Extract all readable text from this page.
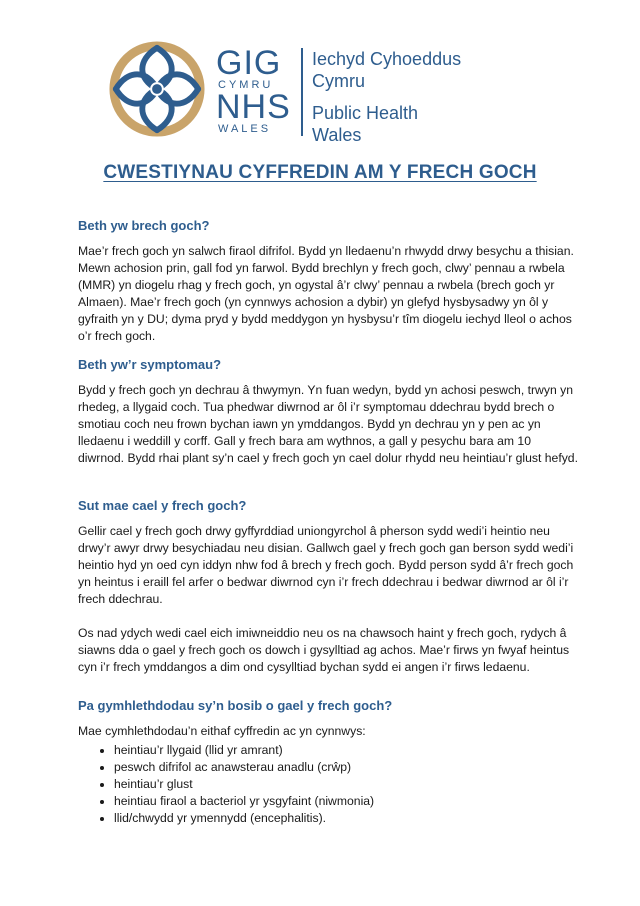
GIG
CYMRU
NHS
WALES
Iechyd Cyhoeddus
Cymru
Public Health
Wales
CWESTIYNAU CYFFREDIN AM Y FRECH GOCH
Beth yw brech goch?

Mae’r frech goch yn salwch firaol difrifol. Bydd yn lledaenu’n rhwydd drwy besychu a thisian. Mewn achosion prin, gall fod yn farwol. Bydd brechlyn y frech goch, clwy’ pennau a rwbela (MMR) yn diogelu rhag y frech goch, yn ogystal â’r clwy’ pennau a rwbela (brech goch yr Almaen). Mae’r frech goch (yn cynnwys achosion a dybir) yn glefyd hysbysadwy yn ôl y gyfraith yn y DU; dyma pryd y bydd meddygon yn hysbysu’r tîm diogelu iechyd lleol o achos o’r frech goch.

Beth yw’r symptomau?

Bydd y frech goch yn dechrau â thwymyn. Yn fuan wedyn, bydd yn achosi peswch, trwyn yn rhedeg, a llygaid coch. Tua phedwar diwrnod ar ôl i’r symptomau ddechrau bydd brech o smotiau coch neu frown bychan iawn yn ymddangos. Bydd yn dechrau yn y pen ac yn lledaenu i weddill y corff. Gall y frech bara am wythnos, a gall y pesychu bara am 10 diwrnod. Bydd rhai plant sy’n cael y frech goch yn cael dolur rhydd neu heintiau’r glust hefyd.

Sut mae cael y frech goch?

Gellir cael y frech goch drwy gyffyrddiad uniongyrchol â pherson sydd wedi’i heintio neu drwy’r awyr drwy besychiadau neu disian. Gallwch gael y frech goch gan berson sydd wedi’i heintio hyd yn oed cyn iddyn nhw fod â brech y frech goch. Bydd person sydd â’r frech goch yn heintus i eraill fel arfer o bedwar diwrnod cyn i’r frech ddechrau i bedwar diwrnod ar ôl i’r frech ddechrau.

Os nad ydych wedi cael eich imiwneiddio neu os na chawsoch haint y frech goch, rydych â siawns dda o gael y frech goch os dowch i gysylltiad ag achos. Mae’r firws yn fwyaf heintus cyn i’r frech ymddangos a dim ond cysylltiad bychan sydd ei angen i’r firws ledaenu.

Pa gymhlethdodau sy’n bosib o gael y frech goch?

Mae cymhlethdodau’n eithaf cyffredin ac yn cynnwys:

• heintiau’r llygaid (llid yr amrant)
• peswch difrifol ac anawsterau anadlu (crŵp)
• heintiau’r glust
• heintiau firaol a bacteriol yr ysgyfaint (niwmonia)
• llid/chwydd yr ymennydd (encephalitis).
